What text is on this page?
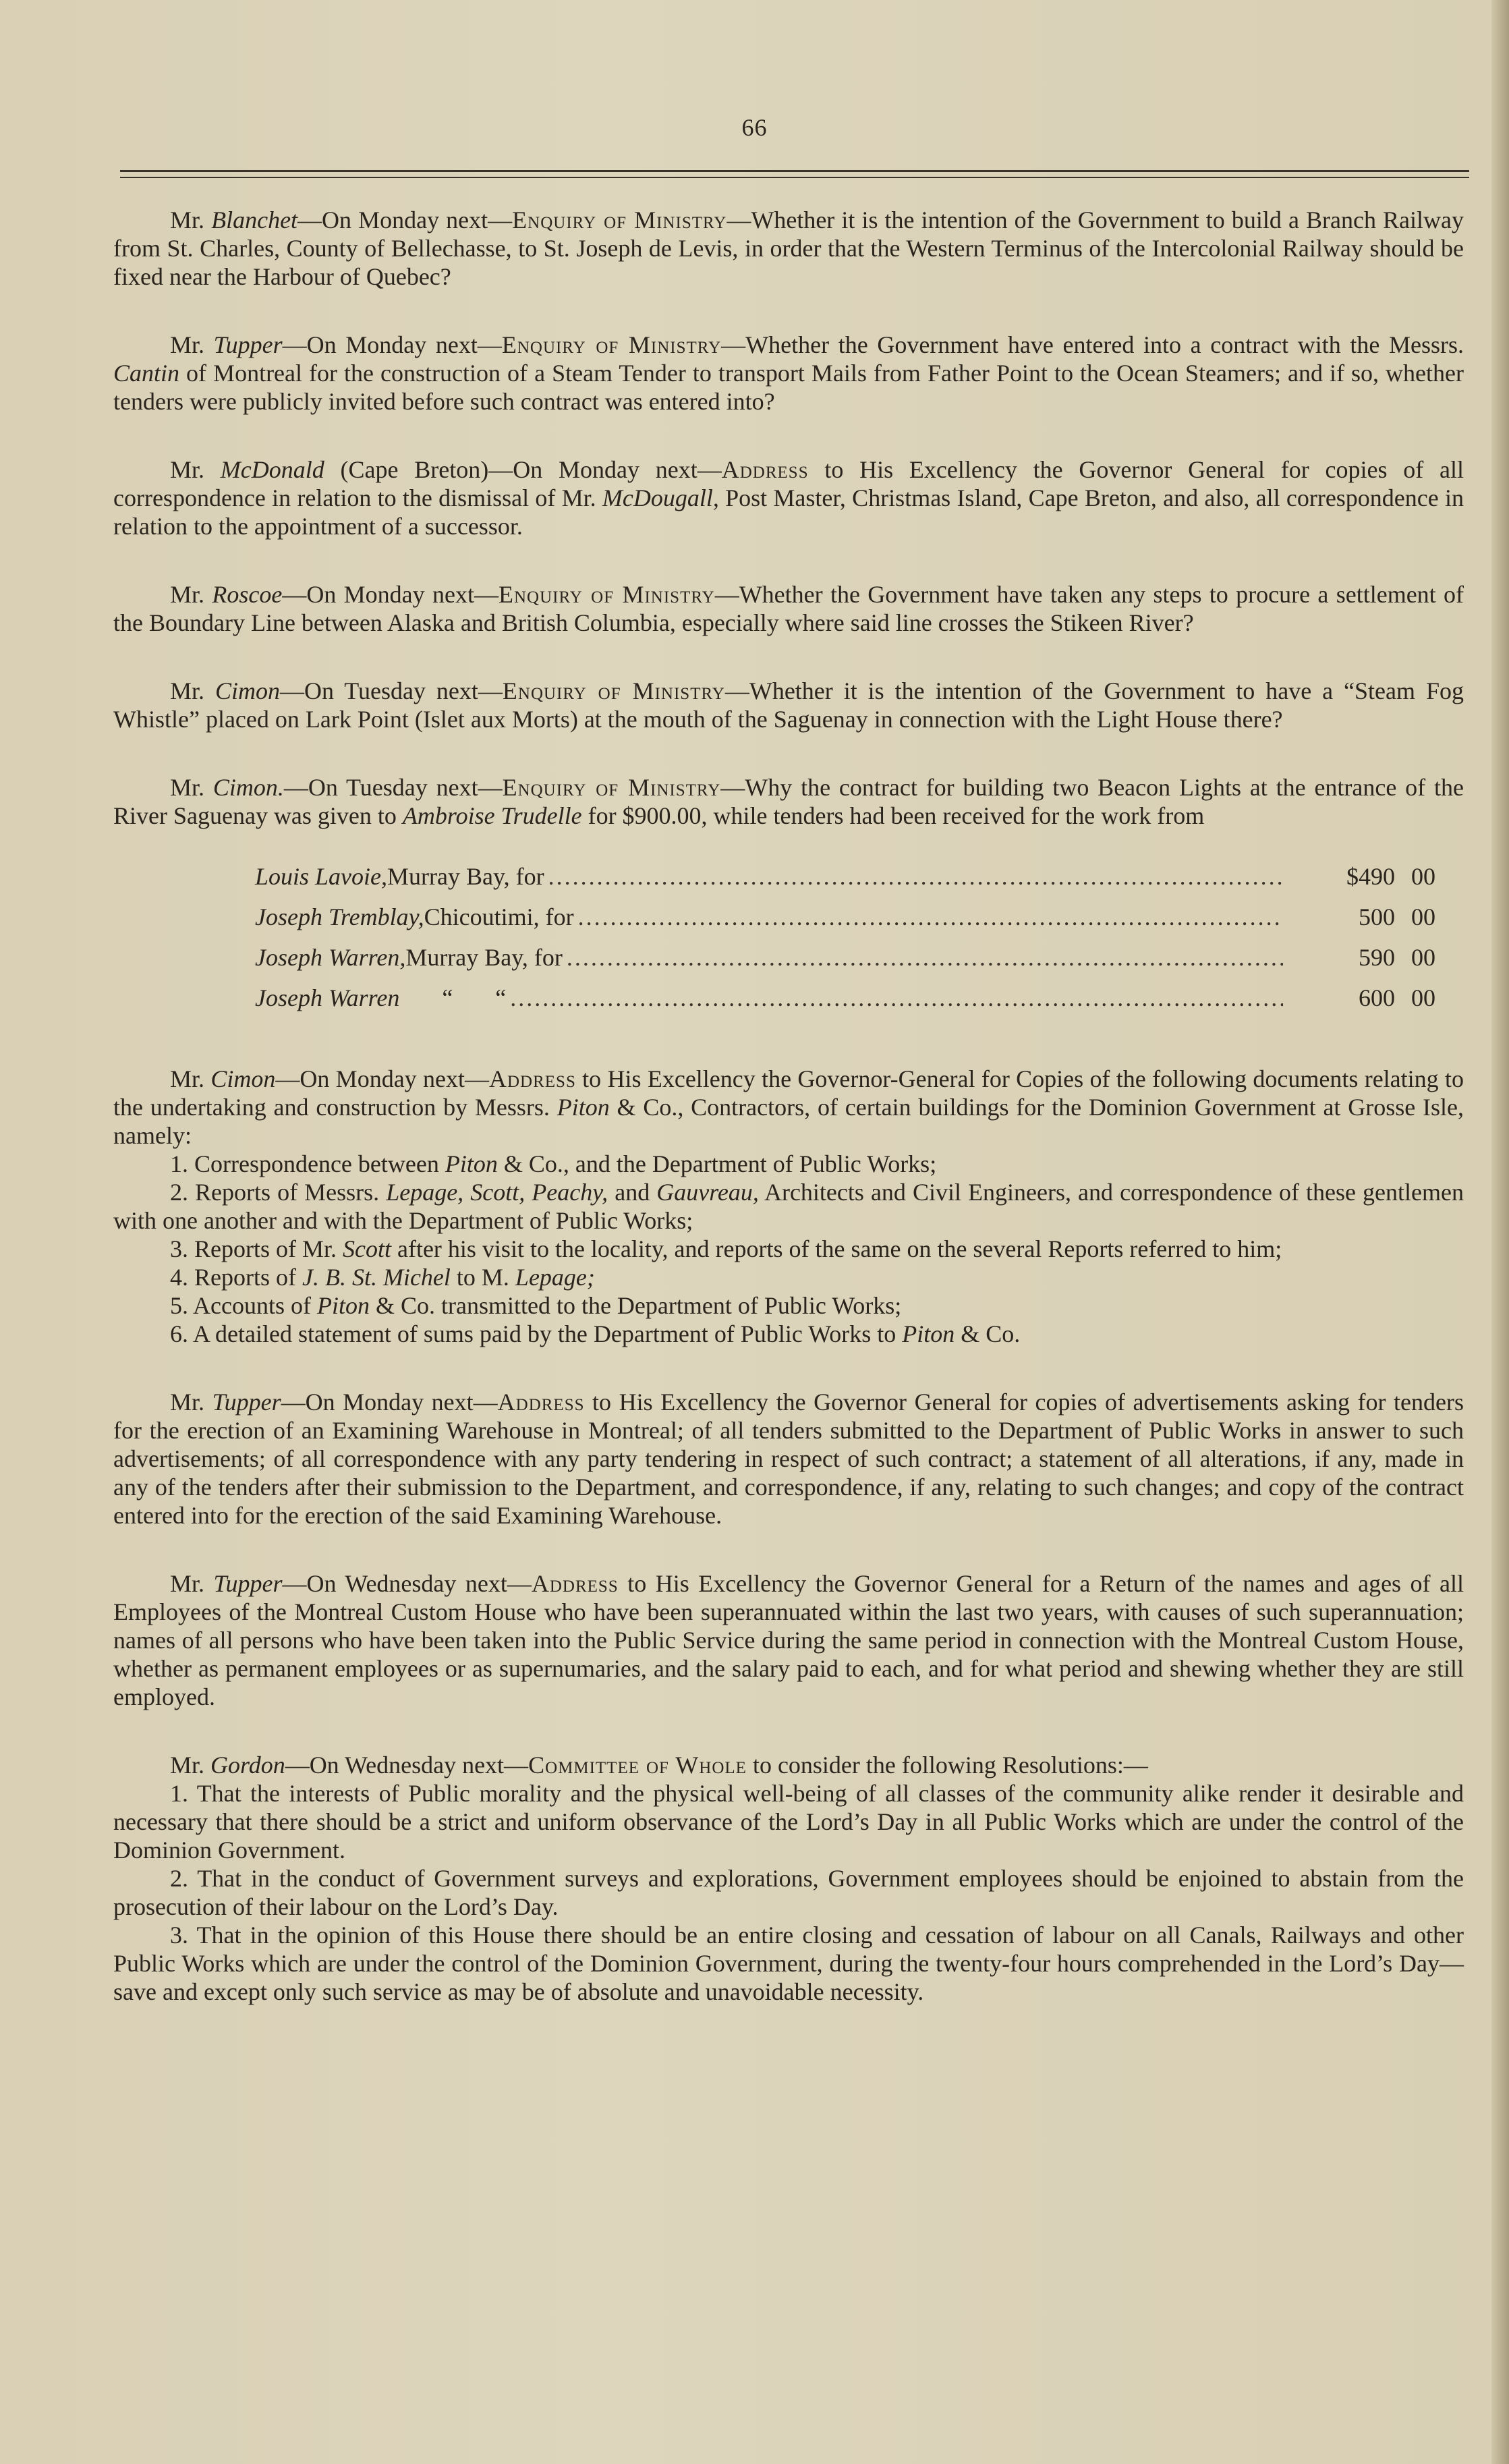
66

Mr. Blanchet—On Monday next—Enquiry of Ministry—Whether it is the intention of the Government to build a Branch Railway from St. Charles, County of Bellechasse, to St. Joseph de Levis, in order that the Western Terminus of the Intercolonial Railway should be fixed near the Harbour of Quebec?

Mr. Tupper—On Monday next—Enquiry of Ministry—Whether the Government have entered into a contract with the Messrs. Cantin of Montreal for the construction of a Steam Tender to transport Mails from Father Point to the Ocean Steamers; and if so, whether tenders were publicly invited before such contract was entered into?

Mr. McDonald (Cape Breton)—On Monday next—Address to His Excellency the Governor General for copies of all correspondence in relation to the dismissal of Mr. McDougall, Post Master, Christmas Island, Cape Breton, and also, all correspondence in relation to the appointment of a successor.

Mr. Roscoe—On Monday next—Enquiry of Ministry—Whether the Government have taken any steps to procure a settlement of the Boundary Line between Alaska and British Columbia, especially where said line crosses the Stikeen River?

Mr. Cimon—On Tuesday next—Enquiry of Ministry—Whether it is the intention of the Government to have a “Steam Fog Whistle” placed on Lark Point (Islet aux Morts) at the mouth of the Saguenay in connection with the Light House there?

Mr. Cimon.—On Tuesday next—Enquiry of Ministry—Why the contract for building two Beacon Lights at the entrance of the River Saguenay was given to Ambroise Trudelle for $900.00, while tenders had been received for the work from

Louis Lavoie, Murray Bay, for .....	$490 00
Joseph Tremblay, Chicoutimi, for .....	500 00
Joseph Warren, Murray Bay, for .....	590 00
Joseph Warren “       “ .....	600 00

Mr. Cimon—On Monday next—Address to His Excellency the Governor-General for Copies of the following documents relating to the undertaking and construction by Messrs. Piton & Co., Contractors, of certain buildings for the Dominion Government at Grosse Isle, namely:

1. Correspondence between Piton & Co., and the Department of Public Works;

2. Reports of Messrs. Lepage, Scott, Peachy, and Gauvreau, Architects and Civil Engineers, and correspondence of these gentlemen with one another and with the Department of Public Works;

3. Reports of Mr. Scott after his visit to the locality, and reports of the same on the several Reports referred to him;

4. Reports of J. B. St. Michel to M. Lepage;

5. Accounts of Piton & Co. transmitted to the Department of Public Works;

6. A detailed statement of sums paid by the Department of Public Works to Piton & Co.

Mr. Tupper—On Monday next—Address to His Excellency the Governor General for copies of advertisements asking for tenders for the erection of an Examining Warehouse in Montreal; of all tenders submitted to the Department of Public Works in answer to such advertisements; of all correspondence with any party tendering in respect of such contract; a statement of all alterations, if any, made in any of the tenders after their submission to the Department, and correspondence, if any, relating to such changes; and copy of the contract entered into for the erection of the said Examining Warehouse.

Mr. Tupper—On Wednesday next—Address to His Excellency the Governor General for a Return of the names and ages of all Employees of the Montreal Custom House who have been superannuated within the last two years, with causes of such superannuation; names of all persons who have been taken into the Public Service during the same period in connection with the Montreal Custom House, whether as permanent employees or as supernumaries, and the salary paid to each, and for what period and shewing whether they are still employed.

Mr. Gordon—On Wednesday next—Committee of Whole to consider the following Resolutions:—

1. That the interests of Public morality and the physical well-being of all classes of the community alike render it desirable and necessary that there should be a strict and uniform observance of the Lord’s Day in all Public Works which are under the control of the Dominion Government.

2. That in the conduct of Government surveys and explorations, Government employees should be enjoined to abstain from the prosecution of their labour on the Lord’s Day.

3. That in the opinion of this House there should be an entire closing and cessation of labour on all Canals, Railways and other Public Works which are under the control of the Dominion Government, during the twenty-four hours comprehended in the Lord’s Day—save and except only such service as may be of absolute and unavoidable necessity.
